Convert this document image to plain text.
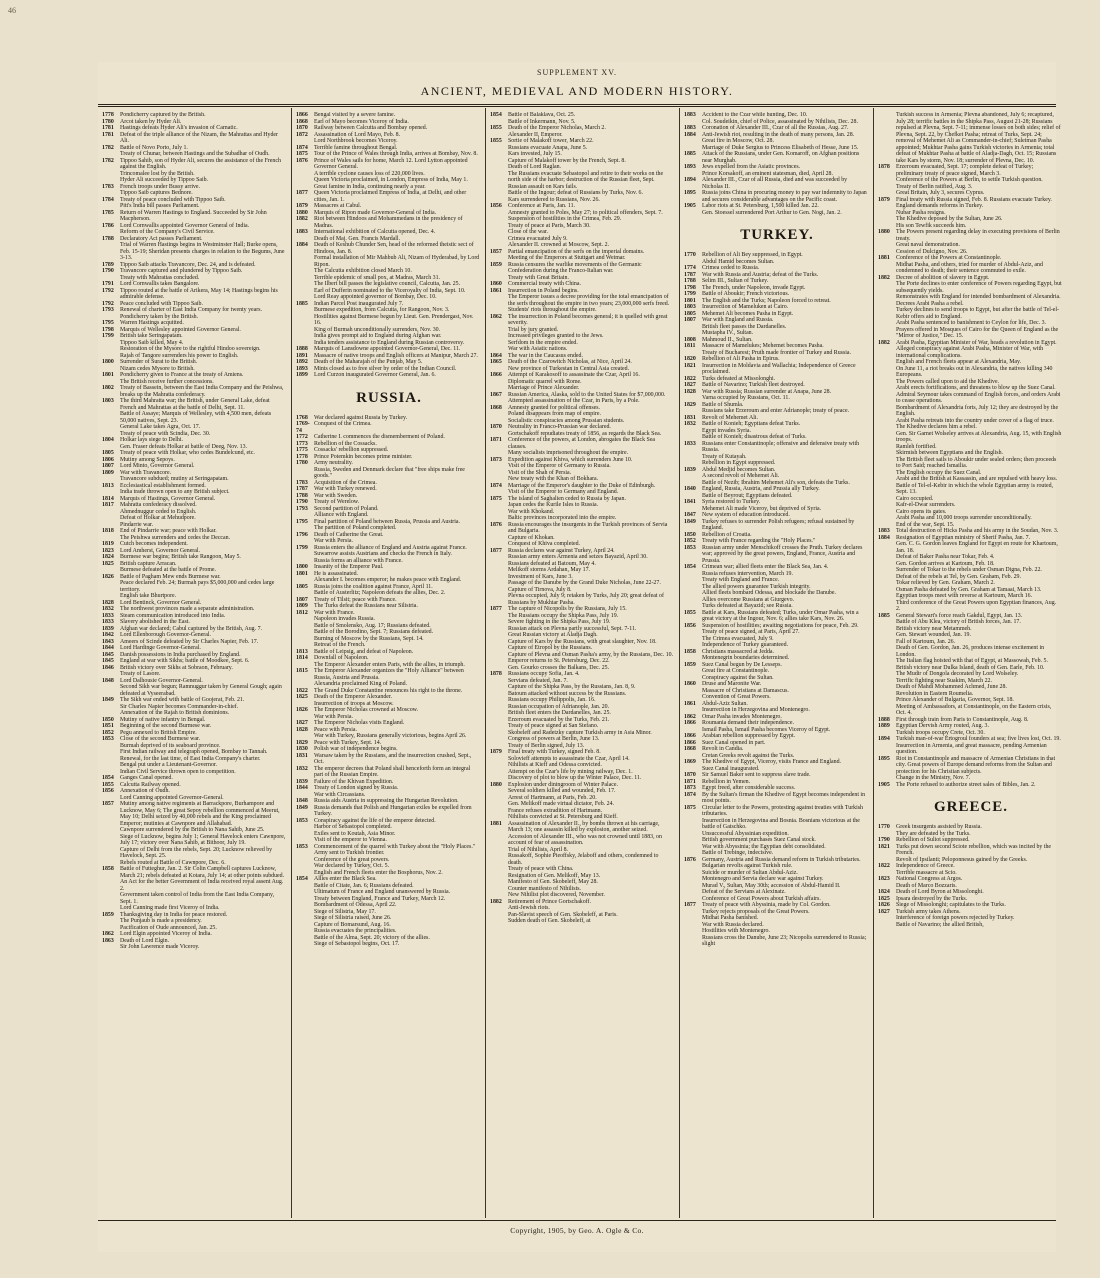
46
SUPPLEMENT XV.
ANCIENT, MEDIEVAL AND MODERN HISTORY.
1778	Pondicherry captured by the British.
1780	Arcot taken by Hyder Ali.
1781	Hastings defeats Hyder Ali's invasion of Carnatic.
1781	Defeat of the triple alliance of the Nizam, the Mahrattas and Hyder Ali.
1782	Battle of Novo Porto, July 1.
Treaty of Chunar, between Hastings and the Subadhar of Oudh.
1782	Tippoo Sahib, son of Hyder Ali, secures the assistance of the French against the English.
Trincomalee lost by the British.
Hyder Ali succeeded by Tippoo Saib.
1783	French troops under Bussy arrive.
Tippoo Saib captures Bednore.
1784	Treaty of peace concluded with Tippoo Saib.
Pitt's India bill passes Parliament.
1785	Return of Warren Hastings to England. Succeeded by Sir John Macpherson.
1786	Lord Cornwallis appointed Governor General of India.
Reform of the Company's Civil Service.
1788	Declaratory Act passes Parliament.
Trial of Warren Hastings begins in Westminster Hall; Burke opens, Feb. 15-19; Sheridan presents charges in relation to the Begums, June 3-13.
1789	Tippoo Saib attacks Travancore, Dec. 24, and is defeated.
1790	Travancore captured and plundered by Tippoo Saib.
Treaty with Mahrattas concluded.
1791	Lord Cornwallis takes Bangalore.
1792	Tippoo routed at the battle of Arikera, May 14; Hastings begins his admirable defense.
1792	Peace concluded with Tippoo Saib.
1793	Renewal of charter of East India Company for twenty years.
Pondicherry taken by the British.
1795	Warren Hastings acquitted.
1798	Marquis of Wellesley appointed Governor General.
1799	British take Seringapatam.
Tippoo Saib killed, May 4.
Restoration of the Mysore to the rightful Hindoo sovereign.
Rajah of Tangore surrenders his power to English.
1800	Surrender of Surat to the British.
Nizam cedes Mysore to British.
1801	Pondicherry given to France at the treaty of Amiens.
The British receive further concessions.
1802	Treaty of Bassein, between the East India Company and the Peishwa, breaks up the Mahratta confederacy.
1803	The third Mahratta war; the British, under General Lake, defeat French and Mahrattas at the battle of Delhi, Sept. 11.
Battle of Assaye; Marquis of Wellesley, with 4,500 men, defeats 50,000 natives, Sept. 23.
General Lake takes Agra, Oct. 17.
Treaty of peace with Scindia, Dec. 30.
1804	Holkar lays siege to Delhi.
Gen. Fraser defeats Holkar at battle of Deeg, Nov. 13.
1805	Treaty of peace with Holkar, who cedes Bundelcund, etc.
1806	Mutiny among Sepoys.
1807	Lord Minto, Governor General.
1809	War with Travancore.
Travancore subdued; mutiny at Seringapatam.
1813	Ecclesiastical establishment formed.
India trade thrown open to any British subject.
1814	Marquis of Hastings, Governor General.
1817	Mahratta confederacy dissolved.
Ahmednuggur ceded to English.
Defeat of Holkar at Mehudpore.
Pindarrie war.
1818	End of Pindarrie war; peace with Holkar.
The Peishwa surrenders and cedes the Deccan.
1819	Cutch becomes independent.
1823	Lord Amherst, Governor General.
1824	Burmese war begins; British take Rangoon, May 5.
1825	British capture Arracan.
Burmese defeated at the battle of Prome.
1826	Battle of Pagham Mew ends Burmese war.
Peace declared Feb. 24; Burmah pays $5,000,000 and cedes large territory.
English take Bhurtpore.
1828	Lord Bentinck, Governor General.
1832	The northwest provinces made a separate administration.
1833	Steam communication introduced into India.
1833	Slavery abolished in the East.
1839	Afghan war declared; Cabul captured by the British, Aug. 7.
1842	Lord Ellenborough Governor-General.
1843	Ameers of Scinde defeated by Sir Charles Napier, Feb. 17.
1844	Lord Hardinge Governor-General.
1845	Danish possessions in India purchased by England.
1845	England at war with Sikhs; battle of Moodkee, Sept. 6.
1846	British victory over Sikhs at Sobraon, February.
Treaty of Lasore.
1848	Lord Dalhousie Governor-General.
Second Sikh war begun; Ramnuggur taken by General Gough; again defeated at Vyseerabad.
1849	The Sikh war ended with battle of Goojerat, Feb. 21.
Sir Charles Napier becomes Commander-in-chief.
Annexation of the Rajah to British dominions.
1850	Mutiny of native infantry in Bengal.
1851	Beginning of the second Burmese war.
1852	Pegu annexed to British Empire.
1853	Close of the second Burmese war.
Burmah deprived of its seaboard province.
First Indian railway and telegraph opened, Bombay to Tannah.
Renewal, for the last time, of East India Company's charter.
Bengal put under a Lieutenant-Governor.
Indian Civil Service thrown open to competition.
1854	Ganges Canal opened.
1855	Calcutta Railway opened.
1856	Annexation of Oudh.
Lord Canning appointed Governor-General.
1857	Mutiny among native regiments at Barrackpore, Burhampore and Lucknow, May 6; The great Sepoy rebellion commenced at Meerut, May 10; Delhi seized by 40,000 rebels and the King proclaimed Emperor; mutinies at Cawnpore and Allahabad.
Cawnpore surrendered by the British to Nana Sahib, June 25.
Siege of Lucknow, begins July 1; General Havelock enters Cawnpore, July 17; victory over Nana Sahib, at Bithoor, July 19.
Capture of Delhi from the rebels, Sept. 20; Lucknow relieved by Havelock, Sept. 25.
Rebels routed at Battle of Cawnpore, Dec. 6.
1858	Battle of Futteghur, Jan. 2. Sir Colin Campbell captures Lucknow, March 21; rebels defeated at Kotara, July 14; at other points subdued.
An Act for the better Government of India received royal assent Aug. 2.
Government taken control of India from the East India Company, Sept. 1.
Lord Canning made first Viceroy of India.
1859	Thanksgiving day in India for peace restored.
The Punjaub is made a presidency.
Pacification of Oude announced, Jan. 25.
1862	Lord Elgin appointed Viceroy of India.
1863	Death of Lord Elgin.
Sir John Lawrence made Viceroy.
1866	Bengal visited by a severe famine.
1868	Earl of Mayo becomes Viceroy of India.
1870	Railway between Calcutta and Bombay opened.
1872	Assassination of Lord Mayo, Feb. 8.
Lord Northbrook becomes Viceroy.
1874	Terrible famine throughout Bengal.
1875	Tour of the Prince of Wales through India, arrives at Bombay, Nov. 8.
1876	Prince of Wales sails for home, March 12. Lord Lytton appointed Governor General.
A terrible cyclone causes loss of 220,000 lives.
Queen Victoria proclaimed, in London, Empress of India, May 1.
Great famine in India, continuing nearly a year.
1877	Queen Victoria proclaimed Empress of India, at Delhi, and other cities, Jan. 1.
1879	Massacres at Cabul.
1880	Marquis of Ripon made Governor-General of India.
1882	Riot between Hindoos and Mohammedans in the presidency of Madras.
1883	International exhibition of Calcutta opened, Dec. 4.
Death of Maj. Gen. Francis Mardall.
1884	Death of Keshub Chunder Sen, head of the reformed theistic sect of Hindoos, Jan. 8.
Formal installation of Mir Mahbub Ali, Nizam of Hyderabad, by Lord Ripon.
The Calcutta exhibition closed March 10.
Terrible epidemic of small pox, at Madras, March 31.
The Ilbert bill passes the legislative council, Calcutta, Jan. 25.
Earl of Dufferin nominated to the Viceroyalty of India, Sept. 10.
Lord Reay appointed governor of Bombay, Dec. 10.
1885	Indian Parcel Post inaugurated July 7.
Burmese expedition, from Calcutta, for Rangoon, Nov. 3.
Hostilities against Burmese begun by Lieut. Gen. Prendergast, Nov. 16.
King of Burmah unconditionally surrenders, Nov. 30.
India gives prompt aid to England during Afghan war.
India tenders assistance to England during Russian controversy.
1888	Marquis of Lansdowne appointed Governor-General, Dec. 11.
1891	Massacre of native troops and English officers at Manipur, March 27.
1892	Death of the Maharajah of the Punjab, May 5.
1893	Mints closed as to free silver by order of the Indian Council.
1899	Lord Curzon inaugurated Governor General, Jan. 6.
RUSSIA.
1768	War declared against Russia by Turkey.
1769-74
Conquest of the Crimea.
1772	Catherine I. commences the dismemberment of Poland.
1773	Rebellion of the Cossacks.
1775	Cossacks' rebellion suppressed.
1778	Prince Potemkin becomes prime minister.
1780	Army neutrality.
Russia, Sweden and Denmark declare that "free ships make free goods."
1783	Acquisition of the Crimea.
1787	War with Turkey renewed.
1788	War with Sweden.
1790	Treaty of Werelow.
1793	Second partition of Poland.
Alliance with England.
1795	Final partition of Poland between Russia, Prussia and Austria.
The partition of Poland completed.
1796	Death of Catherine the Great.
War with Persia.
1799	Russia enters the alliance of England and Austria against France.
Suwarrow assists Austrians and checks the French in Italy.
Russia forms an alliance with France.
1800	Insanity of the Emperor Paul.
1801	He is assassinated.
Alexander I. becomes emperor; he makes peace with England.
1805	Russia joins the coalition against France, April 11.
Battle of Austerlitz; Napoleon defeats the allies, Dec. 2.
1807	Treaty of Tilsit; peace with France.
1809	The Turks defeat the Russians near Silistria.
1812	War with France.
Napoleon invades Russia.
Battle of Smolensko, Aug. 17; Russians defeated.
Battle of the Borodino, Sept. 7; Russians defeated.
Burning of Moscow by the Russians, Sept. 14.
Retreat of the French.
1813	Battle of Leipsig, and defeat of Napoleon.
1814	Downfall of Napoleon.
The Emperor Alexander enters Paris, with the allies, in triumph.
1815	The Emperor Alexander organizes the "Holy Alliance" between Russia, Austria and Prussia.
Alexandria proclaimed King of Poland.
1822	The Grand Duke Constantine renounces his right to the throne.
1825	Death of the Emperor Alexander.
Insurrection of troops at Moscow.
1826	The Emperor Nicholas crowned at Moscow.
War with Persia.
1827	The Emperor Nicholas visits England.
1828	Peace with Persia.
War with Turkey, Russians generally victorious, begins April 26.
1829	Peace with Turkey, Sept. 14.
1830	Polish war of independence begins.
1831	Warsaw taken by the Russians, and the insurrection crushed, Sept., Oct.
1832	The emperor decrees that Poland shall henceforth form an integral part of the Russian Empire.
1839	Failure of the Khivan Expedition.
1844	Treaty of London signed by Russia.
War with Circassians.
1848	Russia aids Austria in suppressing the Hungarian Revolution.
1849	Russia demands that Polish and Hungarian exiles be expelled from Turkey.
1853	Conspiracy against the life of the emperor detected.
Harbor of Sebastopol completed.
Exiles sent to Koutah, Asia Minor.
Visit of the emperor to Vienna.
1853	Commencement of the quarrel with Turkey about the "Holy Places."
Army sent to Turkish frontier.
Conference of the great powers.
War declared by Turkey, Oct. 5.
English and French fleets enter the Bosphorus, Nov. 2.
1854	Allies enter the Black Sea.
Battle of Citate, Jan. 6; Russians defeated.
Ultimatum of France and England unanswered by Russia.
Treaty between England, France and Turkey, March 12.
Bombardment of Odessa, April 22.
Siege of Silistria, May 17.
Siege of Silistria raised, June 26.
Capture of Bomarsund, Aug. 16.
Russia evacuates the principalities.
Battle of the Alma, Sept. 20; victory of the allies.
Siege of Sebastopol begins, Oct. 17.
1854	Battle of Balaklava, Oct. 25.
Battle of Inkermann, Nov. 5.
1855	Death of the Emperor Nicholas, March 2.
Alexander II, Emperor.
1855	Sortie of Malakoff tower, March 22.
Russians evacuate Anapa, June 5.
Kars invested, July 15.
Capture of Malakoff tower by the French, Sept. 8.
Death of Lord Raglan.
The Russians evacuate Sebastopol and retire to their works on the north side of the harbor; destruction of the Russian fleet, Sept.
Russian assault on Kars fails.
Battle of the Ingour; defeat of Russians by Turks, Nov. 6.
Kars surrendered to Russians, Nov. 26.
1856	Conference at Paris, Jan. 11.
Amnesty granted to Poles, May 27; to political offenders, Sept. 7.
Suspension of hostilities in the Crimea, Feb. 29.
Treaty of peace at Paris, March 30.
Close of the war.
Crimea evacuated July 9.
Alexander II. crowned at Moscow, Sept. 2.
1857	Partial emancipation of the serfs on the imperial domains.
Meeting of the Emperors at Stuttgart and Weimar.
1859	Russia censures the warlike movements of the Germanic Confederation during the Franco-Italian war.
Treaty with Great Britain.
1860	Commercial treaty with China.
1861	Insurrection in Poland begins.
The Emperor issues a decree providing for the total emancipation of the serfs throughout the empire in two years; 23,000,000 serfs freed.
Students' riots throughout the empire.
1862	The insurrection in Poland becomes general; it is quelled with great severity.
Trial by jury granted.
Increased privileges granted to the Jews.
Serfdom in the empire ended.
War with Asiatic nations.
1864	The war in the Caucasus ended.
1865	Death of the Czarowitch Nicholas, at Nice, April 24.
New province of Turkestan in Central Asia created.
1866	Attempt of Karakosoff to assassinate the Czar, April 16.
Diplomatic quarrel with Rome.
Marriage of Prince Alexander.
1867	Russian America, Alaska, sold to the United States for $7,000,000.
Attempted assassination of the Czar, in Paris, by a Pole.
1868	Amnesty granted for political offenses.
Poland disappears from map of empire.
Socialistic conspiracies among Prussian students.
1870	Neutrality in Franco-Prussian war declared.
Gortschakoff repudiates treaty of 1856, as regards the Black Sea.
1871	Conference of the powers, at London, abrogates the Black Sea clauses.
Many socialists imprisoned throughout the empire.
1873	Expedition against Khiva, which surrenders June 10.
Visit of the Emperor of Germany to Russia.
Visit of the Shah of Persia.
New treaty with the Khan of Bokhara.
1874	Marriage of the Emperor's daughter to the Duke of Edinburgh.
Visit of the Emperor to Germany and England.
1875	The island of Saghalien ceded to Russia by Japan.
Japan cedes the Kurile Isles to Russia.
War with Khokand.
Baltic provinces incorporated into the empire.
1876	Russia encourages the insurgents in the Turkish provinces of Servia and Bulgaria.
Capture of Khokan.
Conquest of Khiva completed.
1877	Russia declares war against Turkey, April 24.
Russian army enters Armenia and seizes Bayazid, April 30.
Russians defeated at Batoum, May 4.
Melikoff storms Ardahan, May 17.
Investment of Kars, June 3.
Passage of the Danube by the Grand Duke Nicholas, June 22-27.
Capture of Tirnova, July 8.
Plevna occupied, July 9; retaken by Turks, July 20; great defeat of Russians by Mukhtar Pasha.
1877	The capture of Nicopolis by the Russians, July 15.
The Russians occupy the Shipka Pass, July 19.
Severe fighting in the Shipka Pass, July 19.
Russian attack on Plevna partly successful, Sept. 7-11.
Great Russian victory at Aladja Dagh.
Capture of Kars by the Russians, with great slaughter, Nov. 18.
Capture of Etropol by the Russians.
Capture of Plevna and Osman Pasha's army, by the Russians, Dec. 10.
Emperor returns to St. Petersburg, Dec. 22.
Gen. Gourko crosses the Balkans, Dec. 25.
1878	Russians occupy Sofia, Jan. 4.
Servians defeated, Jan. 7.
Capture of the Shipka Pass, by the Russians, Jan. 8, 9.
Batoum attacked without success by the Russians.
Russians occupy Philippolis, Jan. 16.
Russian occupation of Adrianople, Jan. 20.
British fleet enters the Dardanelles, Jan. 25.
Erzeroum evacuated by the Turks, Feb. 21.
Treaty of peace signed at San Stefano.
Skobeleff and Radetzky capture Turkish army in Asia Minor.
Congress of powers at Berlin, June 13.
Treaty of Berlin signed, July 13.
1879	Final treaty with Turkey, signed Feb. 8.
Solovieff attempts to assassinate the Czar, April 14.
Nihilists at Kieff and Odessa convicted.
Attempt on the Czar's life by mining railway, Dec. 1.
Discovery of plot to blow up the Winter Palace, Dec. 11.
1880	Explosion under diningroom of Winter Palace.
Several soldiers killed and wounded, Feb. 17.
Arrest of Hartmann, at Paris, Feb. 20.
Gen. Melikoff made virtual dictator, Feb. 24.
France refuses extradition of Hartmann.
Nihilists convicted at St. Petersburg and Kieff.
1881	Assassination of Alexander II., by bombs thrown at his carriage, March 13; one assassin killed by explosion, another seized.
Accession of Alexander III., who was not crowned until 1883, on account of fear of assassination.
Trial of Nihilists, April 8.
Russakoff, Sophie Pieoffsky, Jelaboff and others, condemned to death.
Treaty of peace with China.
Resignation of Gen. Melikoff, May 13.
Manifesto of Gen. Skobeleff, May 28.
Counter manifesto of Nihilists.
New Nihilist plot discovered, November.
1882	Retirement of Prince Gortschakoff.
Anti-Jewish riots.
Pan-Slavist speech of Gen. Skobeleff, at Paris.
Sudden death of Gen. Skobeleff, at
1883	Accident to the Czar while hunting, Dec. 10.
Col. Soudeikin, chief of Police, assassinated by Nihilists, Dec. 28.
1883	Coronation of Alexander III., Czar of all the Russias, Aug. 27.
1884	Anti-Jewish riot, resulting in the death of many persons, Jan. 28.
Great fire in Moscow, Oct. 28.
Marriage of Duke Sergius to Princess Elisabeth of Hesse, June 15.
1885	Attack of the Russians, under Gen. Komaroff, on Afghan positions near Murghab.
1893	Jews expelled from the Asiatic provinces.
Prince Korsakoff, an eminent statesman, died, April 28.
1894	Alexander III., Czar of all Russia, died and was succeeded by Nicholas II.
1895	Russia joins China in procuring money to pay war indemnity to Japan and secures considerable advantages on the Pacific coast.
1905	Labor riots at St. Petersburg, 1,500 killed Jan. 22.
Gen. Stoessel surrendered Port Arthur to Gen. Nogi, Jan. 2.
TURKEY.
1770	Rebellion of Ali Bey suppressed, in Egypt.
Abdul Hamid becomes Sultan.
1774	Crimea ceded to Russia.
1787	War with Russia and Austria; defeat of the Turks.
1788	Selim III., Sultan of Turkey.
1798	The French, under Napoleon, invade Egypt.
1799	Battle of Aboukir; French victorious.
1801	The English and the Turks; Napoleon forced to retreat.
1803	Insurrection of Mameluken at Cairo.
1805	Mehemet Ali becomes Pasha in Egypt.
1807	War with England and Russia.
British fleet passes the Dardanelles.
Mustapha IV., Sultan.
1808	Mahmoud II., Sultan.
1811	Massacre of Mamelukes; Mehemet becomes Pasha.
Treaty of Bucharest; Pruth made frontier of Turkey and Russia.
1820	Rebellion of Ali Pasha in Epirus.
1821	Insurrection in Moldavia and Wallachia; Independence of Greece proclaimed.
1822	Turks defeated at Missolonghi.
1827	Battle of Navarino; Turkish fleet destroyed.
1828	War with Russia; Russian surrender at Anapa, June 28.
Varna occupied by Russians, Oct. 11.
1829	Battle of Shumla.
Russians take Erzeroum and enter Adrianople; treaty of peace.
1831	Revolt of Mehemet Ali.
1832	Battle of Konieh; Egyptians defeat Turks.
Egypt invades Syria.
Battle of Konieh; disastrous defeat of Turks.
1833	Russians enter Constantinople; offensive and defensive treaty with Russia.
Treaty of Kutayah.
Rebellion in Egypt suppressed.
1839	Abdul Medjid becomes Sultan.
A second revolt of Mehemet Ali.
Battle of Nezib; Ibrahim Mehemet Ali's son, defeats the Turks.
1840	England, Russia, Austria, and Prussia ally Turkey.
Battle of Beyrout; Egyptians defeated.
1841	Syria restored to Turkey.
Mehemet Ali made Viceroy, but deprived of Syria.
1847	New system of education introduced.
1849	Turkey refuses to surrender Polish refugees; refusal sustained by England.
1850	Rebellion of Croatia.
1852	Treaty with France regarding the "Holy Places."
1853	Russian army under Menschikoff crosses the Pruth. Turkey declares war; approved by the great powers, England, France, Austria and Prussia.
1854	Crimean war; allied fleets enter the Black Sea, Jan. 4.
Russia refuses intervention, March 19.
Treaty with England and France.
The allied powers guarantee Turkish integrity.
Allied fleets bombard Odessa, and blockade the Danube.
Allies overcome Russians at Giurgevo.
Turks defeated at Bayazid; see Russia.
1855	Battle at Kars, Russians defeated; Turks, under Omar Pasha, win a great victory at the Ingour, Nov. 6; allies take Kars, Nov. 26.
1856	Suspension of hostilities; awaiting negotiations for peace, Feb. 29.
Treaty of peace signed, at Paris, April 27.
The Crimea evacuated, July 9.
Independence of Turkey guaranteed.
1858	Christians massacred at Jedda.
Montenegrin boundaries determined.
1859	Suez Canal begun by De Lesseps.
Great fire at Constantinople.
Conspiracy against the Sultan.
1860	Druse and Maronite War.
Massacre of Christians at Damascus.
Convention of Great Powers.
1861	Abdul-Aziz Sultan.
Insurrection in Herzegovina and Montenegro.
1862	Omar Pasha invades Montenegro.
1866	Roumania demand their independence.
Ismail Pasha, Ismail Pasha becomes Viceroy of Egypt.
1866	Arabian rebellion suppressed by Egypt.
1866	Suez Canal opened in part.
1868	Revolt in Candia.
Cretan Greeks revolt against the Turks.
1869	The Khedive of Egypt, Viceroy, visits France and England.
Suez Canal inaugurated.
1870	Sir Samuel Baker sent to suppress slave trade.
1871	Rebellion in Yemen.
1873	Egypt freed, after considerable success.
1874	By the Sultan's firman the Khedive of Egypt becomes independent in most points.
1875	Circular letter to the Powers, protesting against treaties with Turkish tributaries.
Insurrection in Herzegovina and Bosnia. Bosnians victorious at the battle of Gatschko.
Unsuccessful Abyssinian expedition.
British government purchases Suez Canal stock.
War with Abyssinia; the Egyptian debt consolidated.
Battle of Trebinge, indecisive.
1876	Germany, Austria and Russia demand reform in Turkish tributaries.
Bulgarian revolts against Turkish rule.
Suicide or murder of Sultan Abdul-Aziz.
Montenegro and Servia declare war against Turkey.
Murad V., Sultan, May 30th; accession of Abdul-Hamid II.
Defeat of the Servians at Alexinatz.
Conference of Great Powers about Turkish affairs.
1877	Treaty of peace with Abyssinia, made by Col. Gordon.
Turkey rejects proposals of the Great Powers.
Midhat Pasha banished.
War with Russia declared.
Hostilities with Montenegro.
Russians cross the Danube, June 23; Nicopolis surrendered to Russia; slight
Turkish success in Armenia; Plevna abandoned, July 6; recaptured, July 28; terrific battles in the Shipka Pass, August 21-28; Russians repulsed at Plevna, Sept. 7-11; immense losses on both sides; relief of Plevna, Sept. 22, by Chefket Pasha; retreat of Turks, Sept. 24; removal of Mehemet Ali as Commander-in-chief; Suleiman Pasha appointed; Mukhtar Pasha gains Turkish victories in Armenia; total defeat of Mukhtar Pasha at battle of Aladja-Dagh, Oct. 15; Russians take Kars by storm, Nov. 18; surrender of Plevna, Dec. 10.
1878	Erzeroum evacuated, Sept. 17; complete defeat of Turkey; preliminary treaty of peace signed, March 3.
Conference of the Powers at Berlin, to settle Turkish question.
Treaty of Berlin ratified, Aug. 3.
Great Britain, July 3, secures Cyprus.
1879	Final treaty with Russia signed, Feb. 8. Russians evacuate Turkey.
England demands reforms in Turkey.
Nubar Pasha resigns.
The Khedive deposed by the Sultan, June 26.
His son Tewfik succeeds him.
1880	The Powers present regarding delay in executing provisions of Berlin treaty.
Great naval demonstration.
Cession of Dulcigno, Nov. 26.
1881	Conference of the Powers at Constantinople.
Midhat Pasha, and others, tried for murder of Abdul-Aziz, and condemned to death; their sentence commuted to exile.
1882	Decree of abolition of slavery in Egypt.
The Porte declines to enter conference of Powers regarding Egypt, but subsequently yields.
Remonstrates with England for intended bombardment of Alexandria.
Decrees Arabi Pasha a rebel.
Turkey declines to send troops to Egypt, but after the battle of Tel-el-Kebir offers aid to England.
Arabi Pasha sentenced to banishment to Ceylon for life, Dec. 3.
Prayers offered in Mosques of Cairo for the Queen of England as the "Mirror of Justice," Dec. 15.
1882	Arabi Pasha, Egyptian Minister of War, heads a revolution in Egypt.
Alleged conspiracy against Arabi Pasha, Minister of War, with international complications.
English and French fleets appear at Alexandria, May.
On June 11, a riot breaks out in Alexandria, the natives killing 340 Europeans.
The Powers called upon to aid the Khedive.
Arabi erects fortifications, and threatens to blow up the Suez Canal.
Admiral Seymour takes command of English forces, and orders Arabi to cease operations.
Bombardment of Alexandria forts, July 12; they are destroyed by the English.
Arabi Pasha retreats into the country under cover of a flag of truce.
The Khedive declares him a rebel.
Gen. Sir Garnet Wolseley arrives at Alexandria, Aug. 15, with English troops.
Ramleh fortified.
Skirmish between Egyptians and the English.
The British fleet sails to Aboukir under sealed orders; then proceeds to Port Said; reached Ismailia.
The English occupy the Suez Canal.
Arabi and the British at Kassassin, and are repulsed with heavy loss.
Battle of Tel-el-Kebir in which the whole Egyptian army is routed, Sept. 13.
Cairo occupied.
Kafr-el-Dwar surrenders.
Cairo opens its gates.
Arabi Pasha and 10,000 troops surrender unconditionally.
End of the war, Sept. 15.
1883	Total destruction of Hicks Pasha and his army in the Soudan, Nov. 3.
1884	Resignation of Egyptian ministry of Sherif Pasha, Jan. 7.
Gen. C. G. Gordon leaves England for Egypt en route for Khartoum, Jan. 18.
Defeat of Baker Pasha near Tokar, Feb. 4.
Gen. Gordon arrives at Kartoum, Feb. 18.
Surrender of Tokar to the rebels under Osman Digna, Feb. 22.
Defeat of the rebels at Tel, by Gen. Graham, Feb. 29.
Tokar relieved by Gen. Graham, March 2.
Osman Pasha defeated by Gen. Graham at Tamaai, March 13.
Egyptian troops meet with reverse at Kartoum, March 16.
Third conference of the Great Powers upon Egyptian finances, Aug. 2.
1885	General Stewart's force reach Gakdul, Egypt, Jan. 13.
Battle of Abu Klea, victory of British forces, Jan. 17.
British victory near Metammeh.
Gen. Stewart wounded, Jan. 19.
Fall of Kartoum, Jan. 26.
Death of Gen. Gordon, Jan. 26, produces intense excitement in London.
The Italian flag hoisted with that of Egypt, at Massowah, Feb. 5.
British victory near Dulka Island, death of Gen. Earle, Feb. 10.
The Mudir of Dongola decorated by Lord Wolseley.
Terrific fighting near Suakim, March 22.
Death of Mahdi Mohammed Achmed, June 28.
Revolution in Eastern Roumelia.
Prince Alexander of Bulgaria, Governor, Sept. 18.
Meeting of Ambassadors, at Constantinople, on the Eastern crisis, Oct. 4.
1888	First through train from Paris to Constantinople, Aug. 8.
1889	Egyptian Dervish Army routed, Aug. 3.
Turkish troops occupy Crete, Oct. 30.
1894	Turkish man-of-war Ertogroul founders at sea; five lives lost, Oct. 19.
Insurrection in Armenia, and great massacre, pending Armenian question.
1895	Riot in Constantinople and massacre of Armenian Christians in that city. Great powers of Europe demand reforms from the Sultan and protection for his Christian subjects.
Change in the Ministry, Nov. 7.
1905	The Porte refused to authorize street sales of Bibles, Jan. 2.
GREECE.
1770	Greek insurgents assisted by Russia.
They are defeated by the Turks.
1790	Rebellion of Suliot suppressed.
1821	Turks put down second Sciote rebellion, which was incited by the French.
Revolt of Ipsilanti; Peloponnesus gained by the Greeks.
1822	Independence of Greece.
Terrible massacre at Scio.
1823	National Congress at Argos.
Death of Marco Bozzaris.
1824	Death of Lord Byron at Missolonghi.
1825	Ipsara destroyed by the Turks.
1826	Siege of Missolonghi; capitulates to the Turks.
1827	Turkish army takes Athens.
Interference of foreign powers rejected by Turkey.
Battle of Navarino; the allied British,
Copyright, 1905, by Geo. A. Ogle & Co.
